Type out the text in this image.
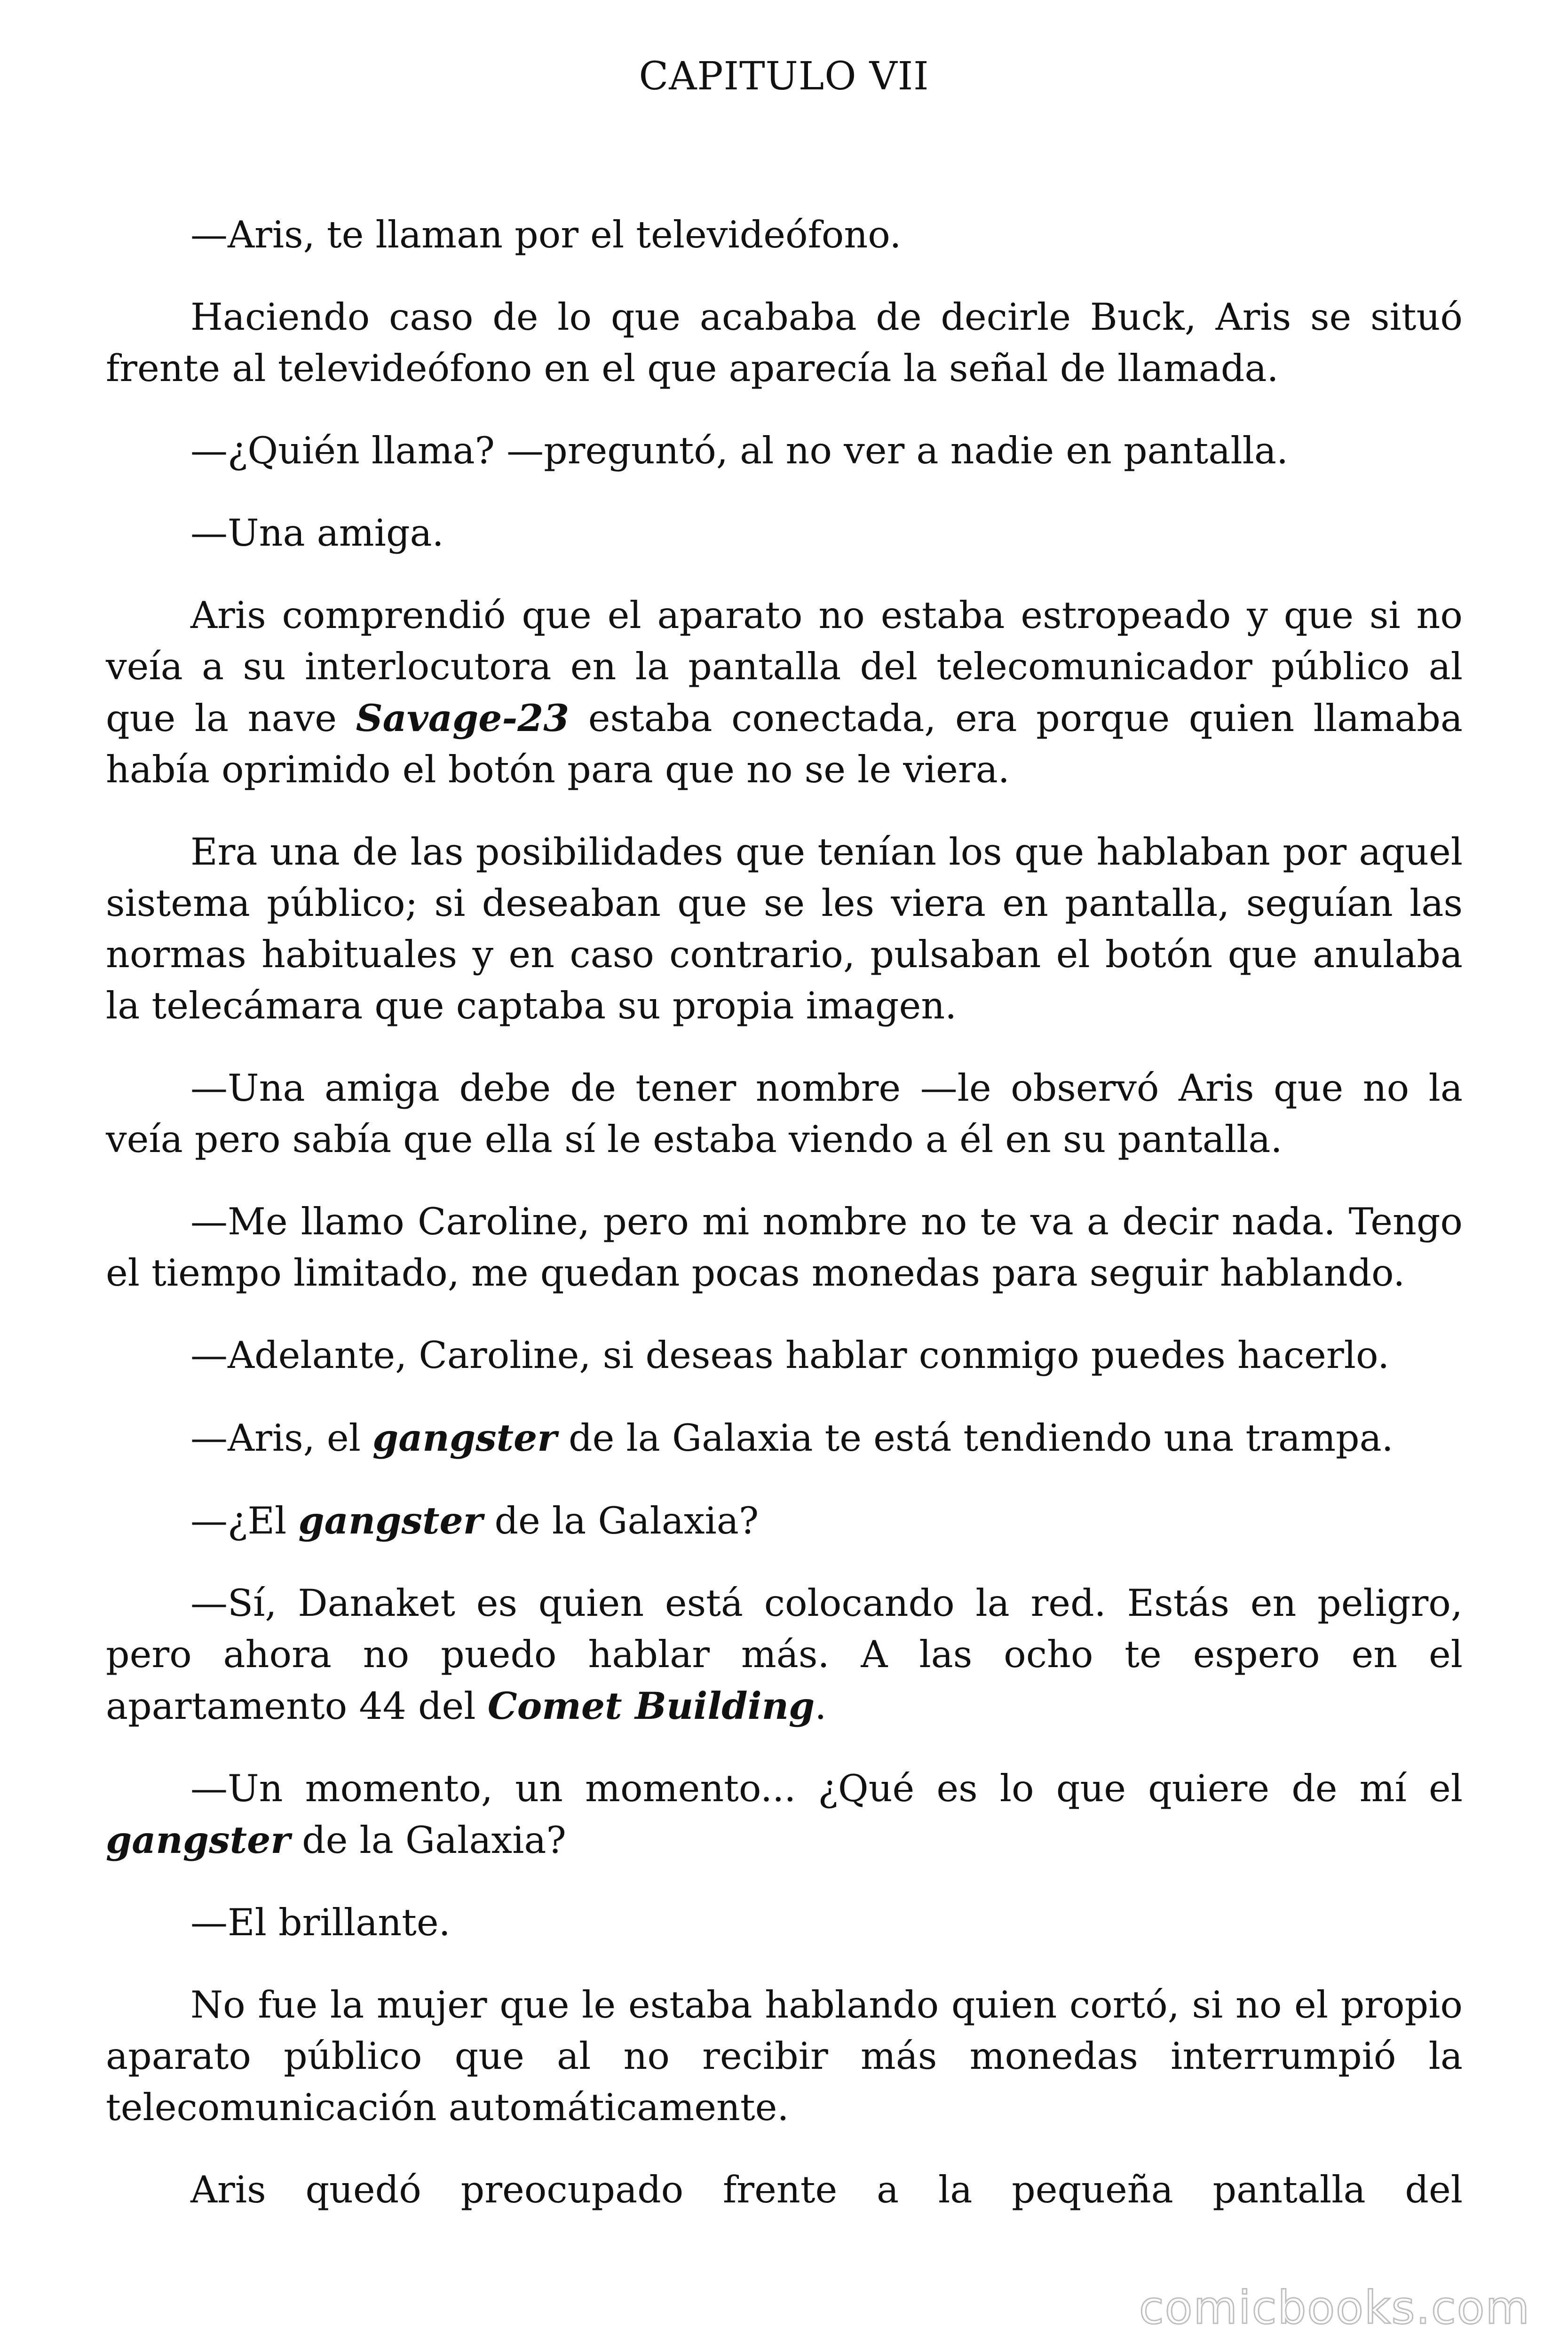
CAPITULO VII

—Aris, te llaman por el televideófono.

Haciendo caso de lo que acababa de decirle Buck, Aris se situó frente al televideófono en el que aparecía la señal de llamada.

—¿Quién llama? —preguntó, al no ver a nadie en pantalla.

—Una amiga.

Aris comprendió que el aparato no estaba estropeado y que si no veía a su interlocutora en la pantalla del telecomunicador público al que la nave Savage-23 estaba conectada, era porque quien llamaba había oprimido el botón para que no se le viera.

Era una de las posibilidades que tenían los que hablaban por aquel sistema público; si deseaban que se les viera en pantalla, seguían las normas habituales y en caso contrario, pulsaban el botón que anulaba la telecámara que captaba su propia imagen.

—Una amiga debe de tener nombre —le observó Aris que no la veía pero sabía que ella sí le estaba viendo a él en su pantalla.

—Me llamo Caroline, pero mi nombre no te va a decir nada. Tengo el tiempo limitado, me quedan pocas monedas para seguir hablando.

—Adelante, Caroline, si deseas hablar conmigo puedes hacerlo.

—Aris, el gangster de la Galaxia te está tendiendo una trampa.

—¿El gangster de la Galaxia?

—Sí, Danaket es quien está colocando la red. Estás en peligro, pero ahora no puedo hablar más. A las ocho te espero en el apartamento 44 del Comet Building.

—Un momento, un momento... ¿Qué es lo que quiere de mí el gangster de la Galaxia?

—El brillante.

No fue la mujer que le estaba hablando quien cortó, si no el propio aparato público que al no recibir más monedas interrumpió la telecomunicación automáticamente.

Aris quedó preocupado frente a la pequeña pantalla del

comicbooks.com
